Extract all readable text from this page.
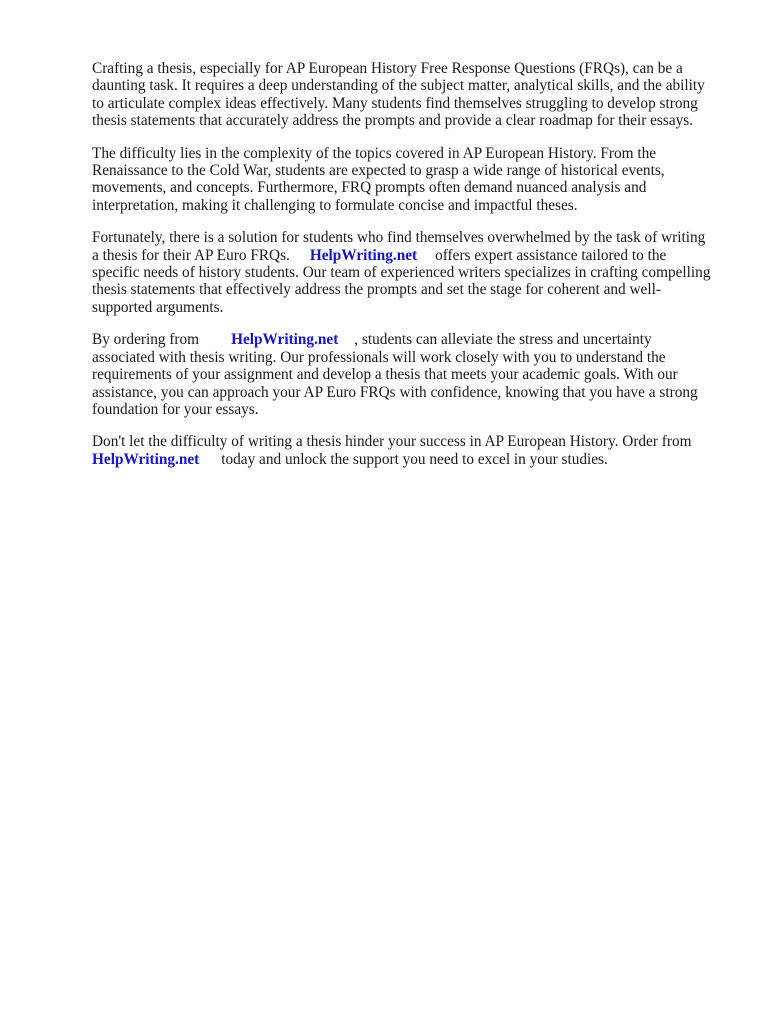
Crafting a thesis, especially for AP European History Free Response Questions (FRQs), can be a
daunting task. It requires a deep understanding of the subject matter, analytical skills, and the ability
to articulate complex ideas effectively. Many students find themselves struggling to develop strong
thesis statements that accurately address the prompts and provide a clear roadmap for their essays.

The difficulty lies in the complexity of the topics covered in AP European History. From the
Renaissance to the Cold War, students are expected to grasp a wide range of historical events,
movements, and concepts. Furthermore, FRQ prompts often demand nuanced analysis and
interpretation, making it challenging to formulate concise and impactful theses.

Fortunately, there is a solution for students who find themselves overwhelmed by the task of writing
a thesis for their AP Euro FRQs. HelpWriting.net offers expert assistance tailored to the
specific needs of history students. Our team of experienced writers specializes in crafting compelling
thesis statements that effectively address the prompts and set the stage for coherent and well-
supported arguments.

By ordering from HelpWriting.net , students can alleviate the stress and uncertainty
associated with thesis writing. Our professionals will work closely with you to understand the
requirements of your assignment and develop a thesis that meets your academic goals. With our
assistance, you can approach your AP Euro FRQs with confidence, knowing that you have a strong
foundation for your essays.

Don't let the difficulty of writing a thesis hinder your success in AP European History. Order from
HelpWriting.net today and unlock the support you need to excel in your studies.
